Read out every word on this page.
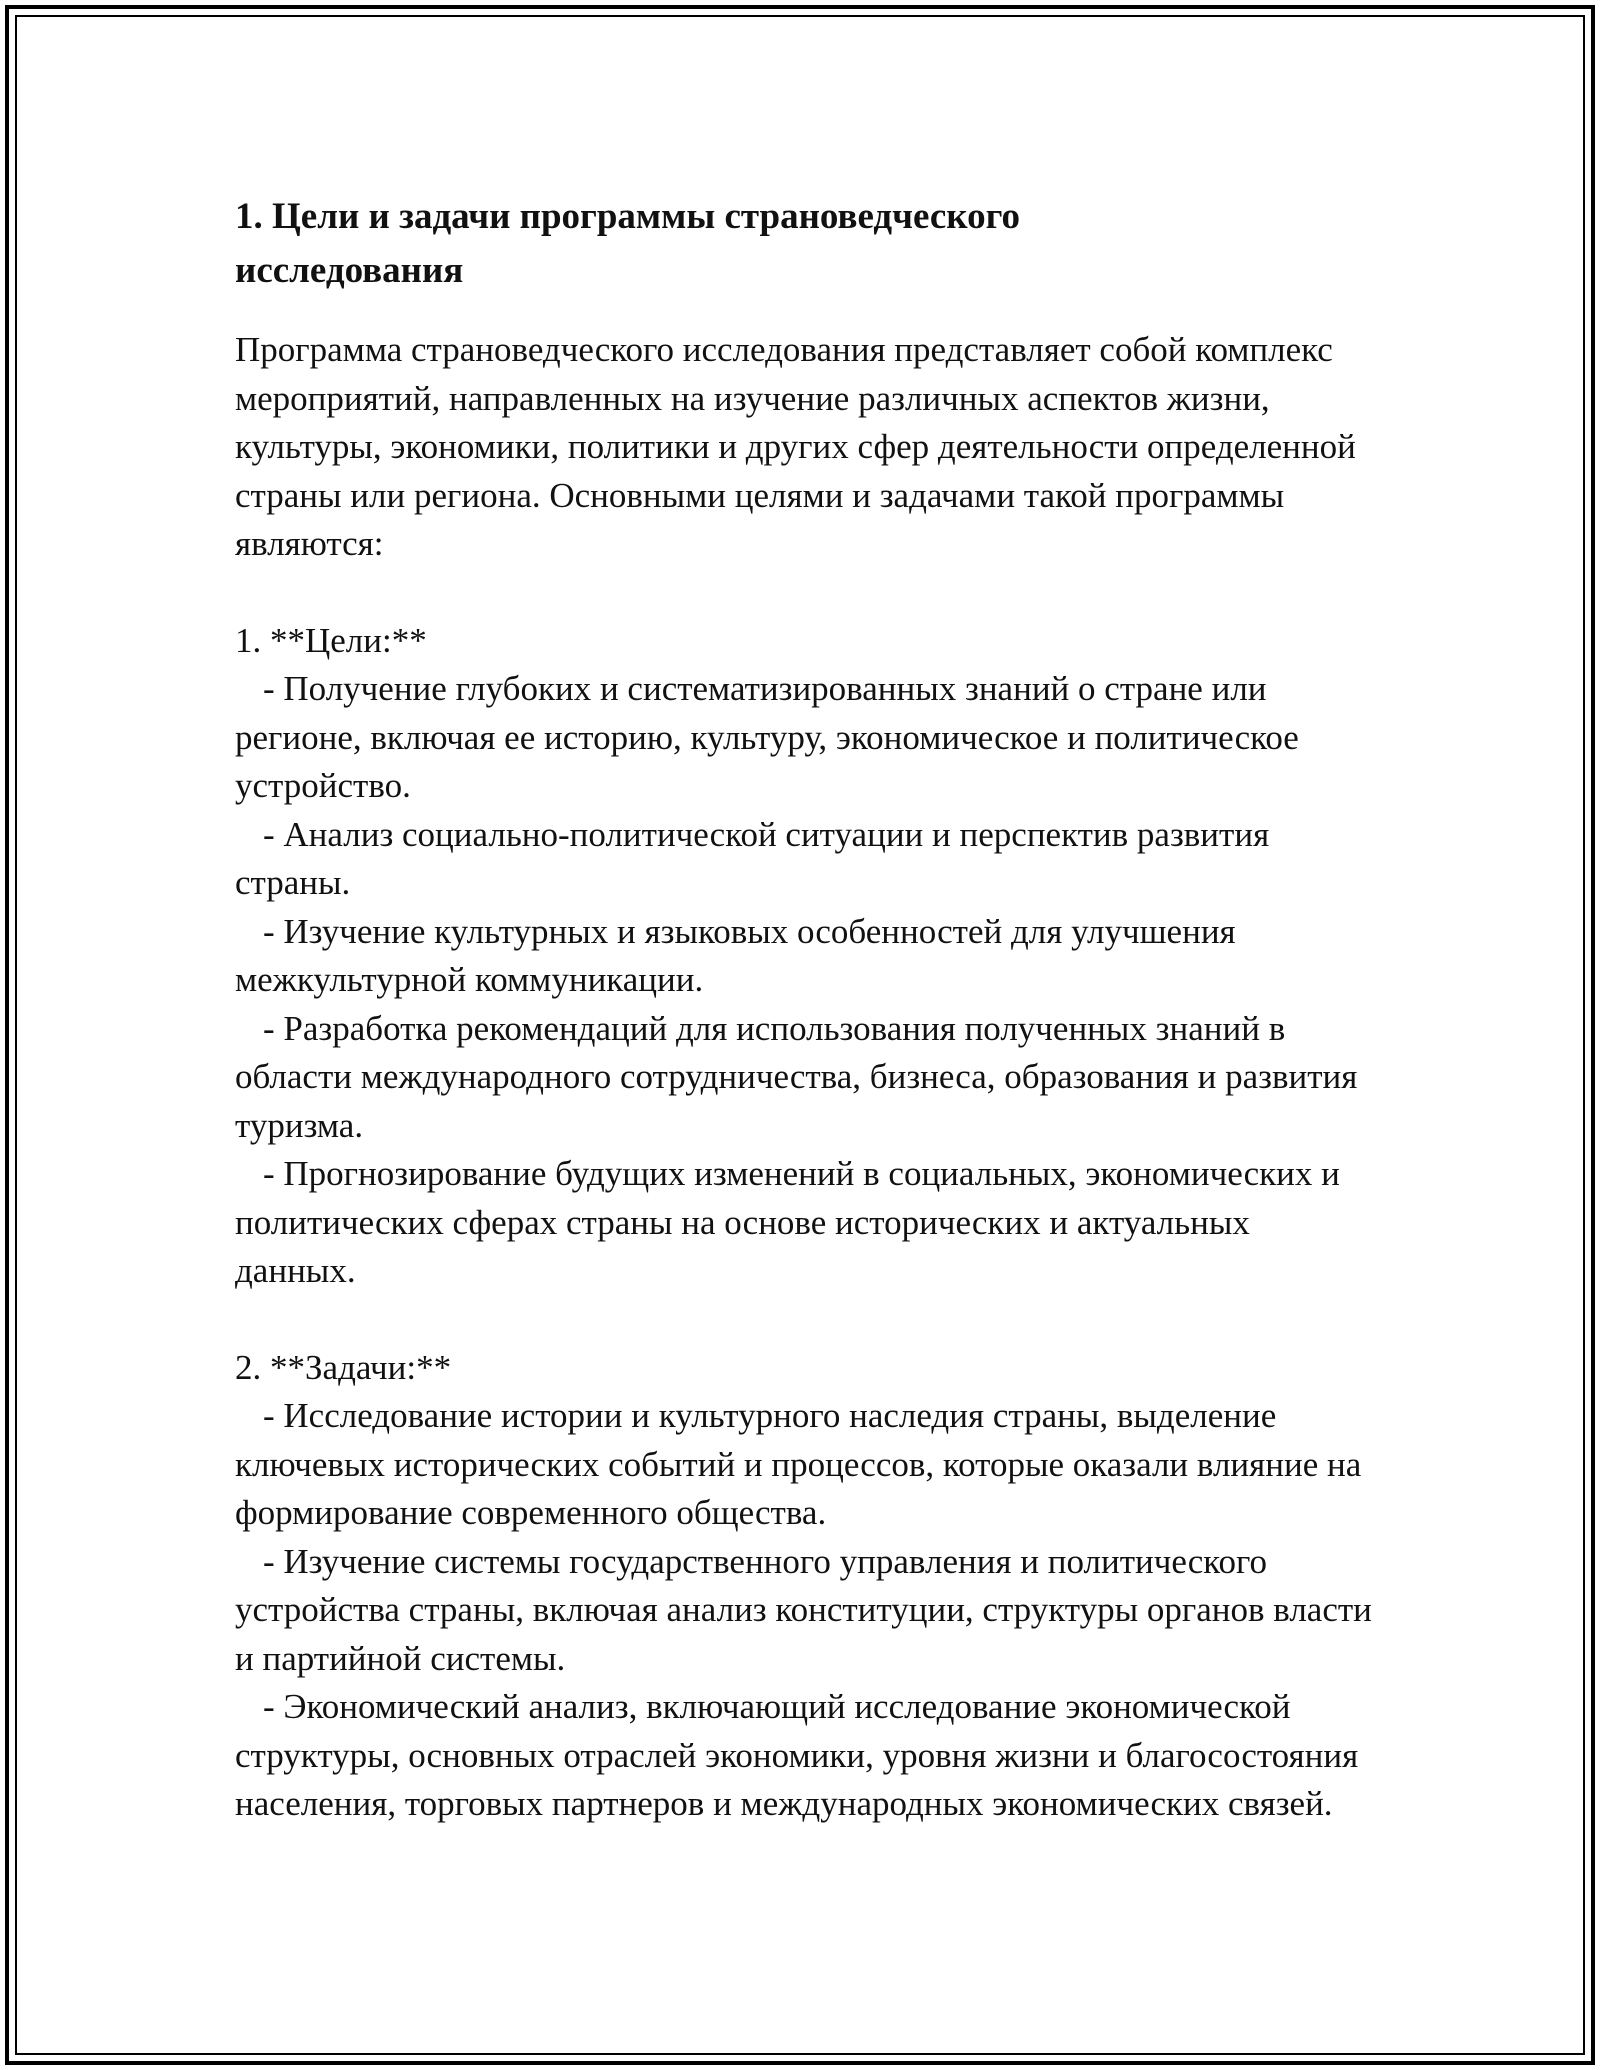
1. Цели и задачи программы страноведческого исследования

Программа страноведческого исследования представляет собой комплекс мероприятий, направленных на изучение различных аспектов жизни, культуры, экономики, политики и других сфер деятельности определенной страны или региона. Основными целями и задачами такой программы являются:

1. **Цели:**

- Получение глубоких и систематизированных знаний о стране или регионе, включая ее историю, культуру, экономическое и политическое устройство.

- Анализ социально-политической ситуации и перспектив развития страны.

- Изучение культурных и языковых особенностей для улучшения межкультурной коммуникации.

- Разработка рекомендаций для использования полученных знаний в области международного сотрудничества, бизнеса, образования и развития туризма.

- Прогнозирование будущих изменений в социальных, экономических и политических сферах страны на основе исторических и актуальных данных.

2. **Задачи:**

- Исследование истории и культурного наследия страны, выделение ключевых исторических событий и процессов, которые оказали влияние на формирование современного общества.

- Изучение системы государственного управления и политического устройства страны, включая анализ конституции, структуры органов власти и партийной системы.

- Экономический анализ, включающий исследование экономической структуры, основных отраслей экономики, уровня жизни и благосостояния населения, торговых партнеров и международных экономических связей.
